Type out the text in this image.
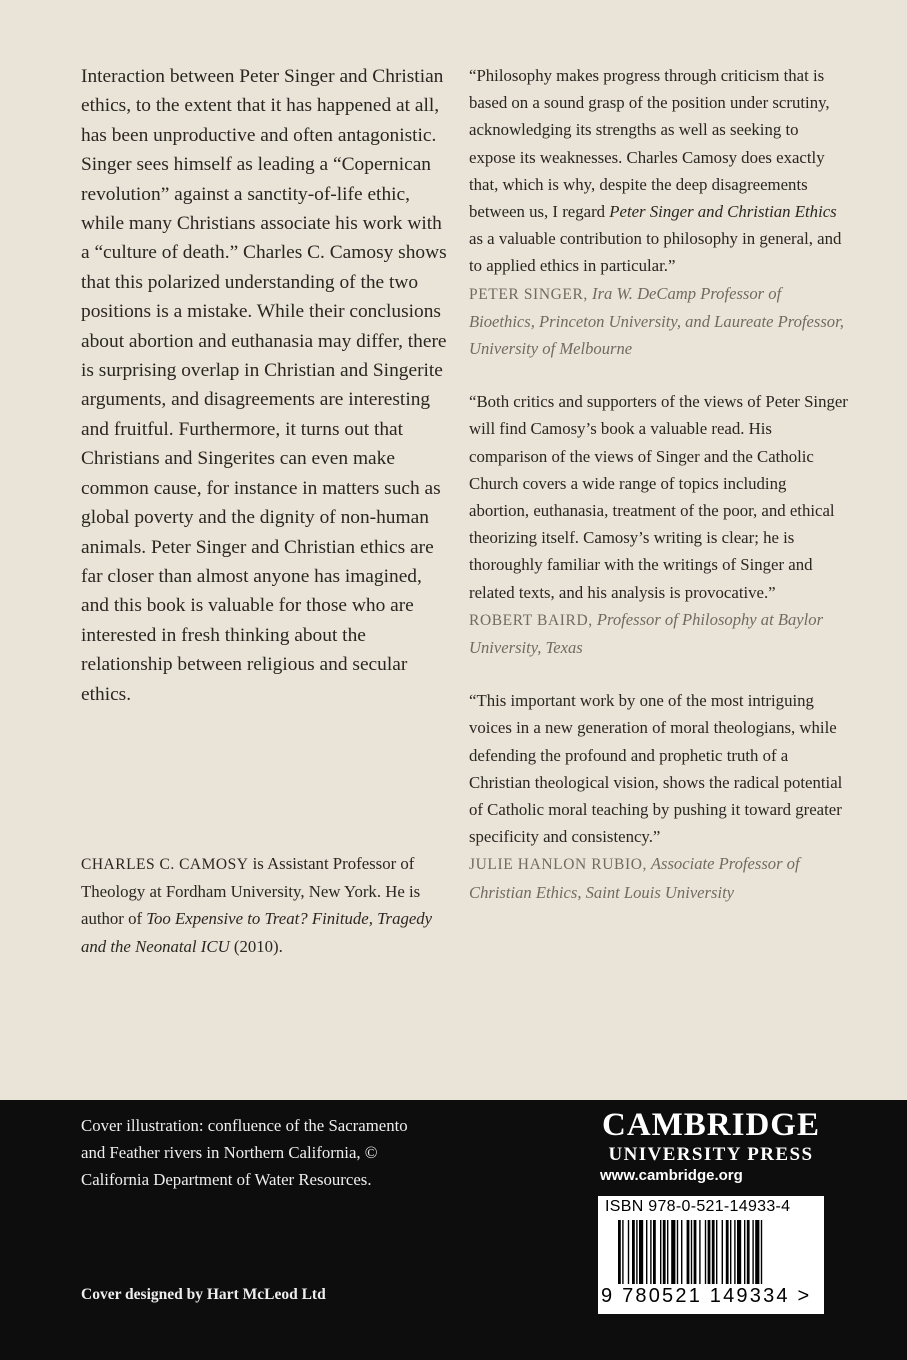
Interaction between Peter Singer and Christian ethics, to the extent that it has happened at all, has been unproductive and often antagonistic. Singer sees himself as leading a “Copernican revolution” against a sanctity-of-life ethic, while many Christians associate his work with a “culture of death.” Charles C. Camosy shows that this polarized understanding of the two positions is a mistake. While their conclusions about abortion and euthanasia may differ, there is surprising overlap in Christian and Singerite arguments, and disagreements are interesting and fruitful. Furthermore, it turns out that Christians and Singerites can even make common cause, for instance in matters such as global poverty and the dignity of non-human animals. Peter Singer and Christian ethics are far closer than almost anyone has imagined, and this book is valuable for those who are interested in fresh thinking about the relationship between religious and secular ethics.

CHARLES C. CAMOSY is Assistant Professor of Theology at Fordham University, New York. He is author of Too Expensive to Treat? Finitude, Tragedy and the Neonatal ICU (2010).

“Philosophy makes progress through criticism that is based on a sound grasp of the position under scrutiny, acknowledging its strengths as well as seeking to expose its weaknesses. Charles Camosy does exactly that, which is why, despite the deep disagreements between us, I regard Peter Singer and Christian Ethics as a valuable contribution to philosophy in general, and to applied ethics in particular.”

PETER SINGER, Ira W. DeCamp Professor of Bioethics, Princeton University, and Laureate Professor, University of Melbourne

“Both critics and supporters of the views of Peter Singer will find Camosy’s book a valuable read. His comparison of the views of Singer and the Catholic Church covers a wide range of topics including abortion, euthanasia, treatment of the poor, and ethical theorizing itself. Camosy’s writing is clear; he is thoroughly familiar with the writings of Singer and related texts, and his analysis is provocative.”

ROBERT BAIRD, Professor of Philosophy at Baylor University, Texas

“This important work by one of the most intriguing voices in a new generation of moral theologians, while defending the profound and prophetic truth of a Christian theological vision, shows the radical potential of Catholic moral teaching by pushing it toward greater specificity and consistency.”

JULIE HANLON RUBIO, Associate Professor of Christian Ethics, Saint Louis University

Cover illustration: confluence of the Sacramento and Feather rivers in Northern California, © California Department of Water Resources.

Cover designed by Hart McLeod Ltd

CAMBRIDGE
UNIVERSITY PRESS
www.cambridge.org
ISBN 978-0-521-14933-4
9 780521 149334 >
